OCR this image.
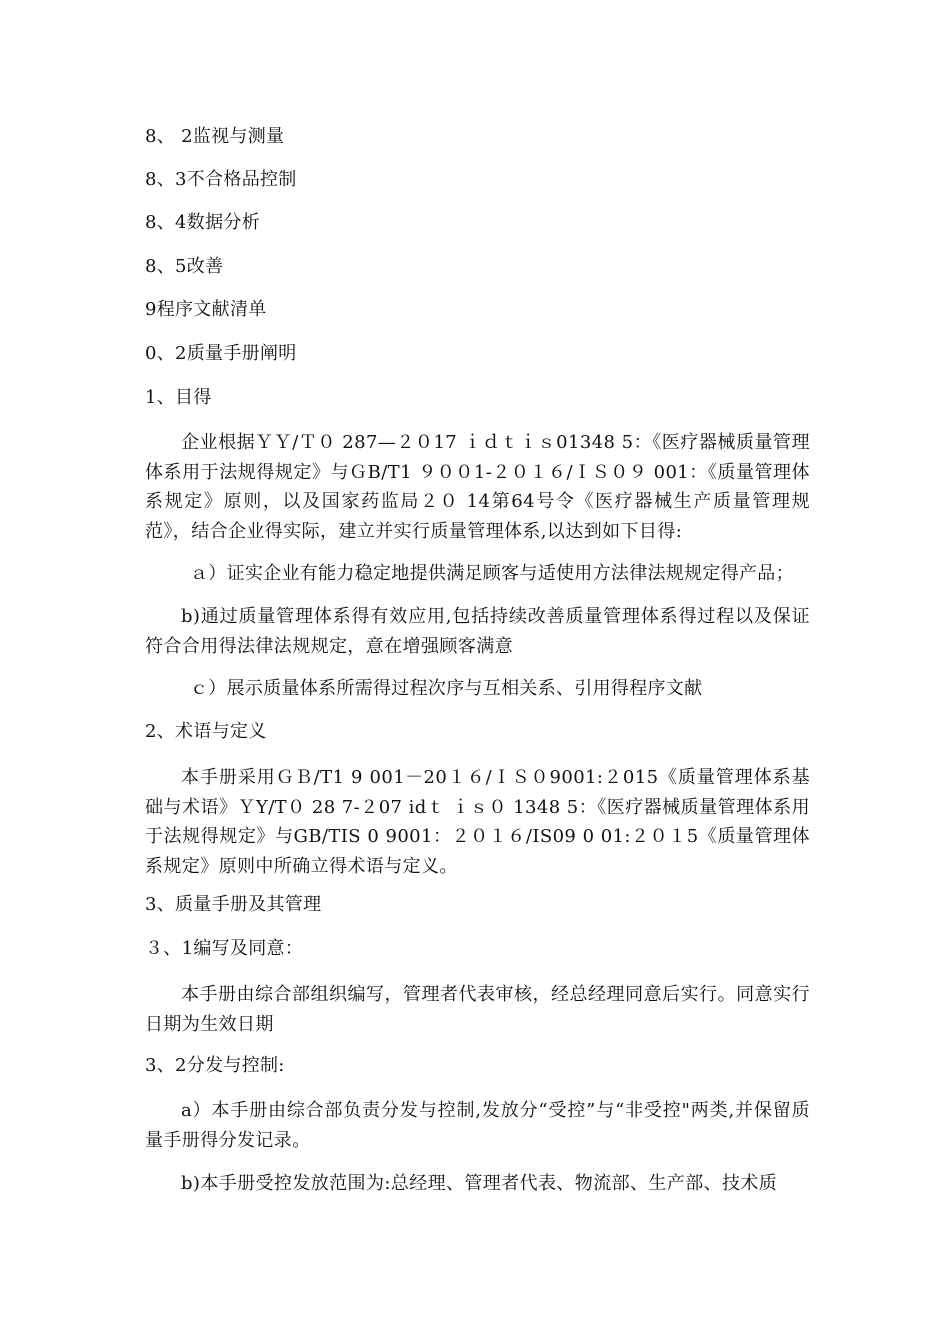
8、 2监视与测量
8、3不合格品控制
8、4数据分析
8、5改善
9程序文献清单
0、2质量手册阐明
1、目得
企业根据ＹＹ/Ｔ０ 287—２０17 ｉｄｔｉｓ01348 5：《医疗器械质量管理体系用于法规得规定》与ＧB/T1 ９００1-２０１６/ＩＳ０９ 001：《质量管理体系规定》原则，以及国家药监局２０ 14第64号令《医疗器械生产质量管理规范》，结合企业得实际，建立并实行质量管理体系,以达到如下目得:
ａ）证实企业有能力稳定地提供满足顾客与适使用方法律法规规定得产品；
b)通过质量管理体系得有效应用,包括持续改善质量管理体系得过程以及保证符合合用得法律法规规定，意在增强顾客满意
ｃ）展示质量体系所需得过程次序与互相关系、引用得程序文献
2、术语与定义
本手册采用ＧＢ/T1 9 001－20１６/ＩＳ０9001:２015《质量管理体系基础与术语》ＹY/T０ 28 7-２07 idｔ ｉｓ０ 1348 5：《医疗器械质量管理体系用于法规得规定》与GB/TIS 0 9001：２０１６/IS09 0 01:２０１5《质量管理体系规定》原则中所确立得术语与定义。
3、质量手册及其管理
３、1编写及同意：
本手册由综合部组织编写，管理者代表审核，经总经理同意后实行。同意实行日期为生效日期
3、2分发与控制:
a）本手册由综合部负责分发与控制,发放分“受控”与“非受控"两类,并保留质量手册得分发记录。
b)本手册受控发放范围为:总经理、管理者代表、物流部、生产部、技术质
